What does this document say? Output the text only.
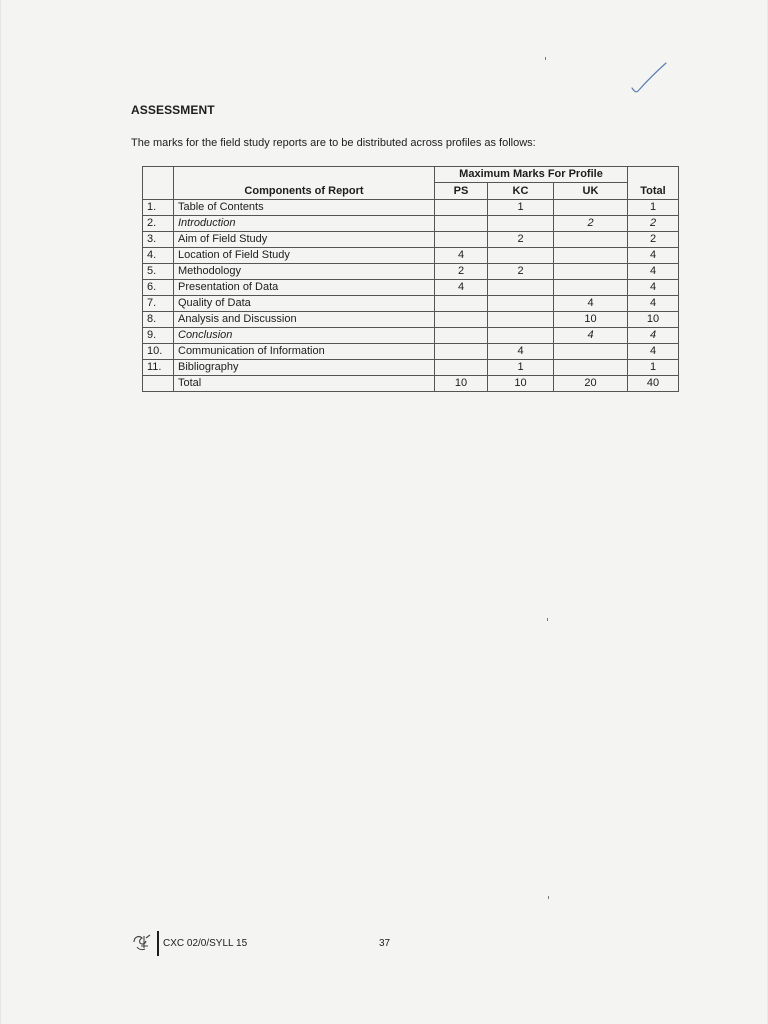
ASSESSMENT
The marks for the field study reports are to be distributed across profiles as follows:
		Maximum Marks For Profile			
	Components of Report	PS	KC	UK	Total
1.	Table of Contents		1		1
2.	Introduction			2	2
3.	Aim of Field Study		2		2
4.	Location of Field Study	4			4
5.	Methodology	2	2		4
6.	Presentation of Data	4			4
7.	Quality of Data			4	4
8.	Analysis and Discussion			10	10
9.	Conclusion			4	4
10.	Communication of Information		4		4
11.	Bibliography		1		1
	Total	10	10	20	40
CXC 02/0/SYLL 15	37
